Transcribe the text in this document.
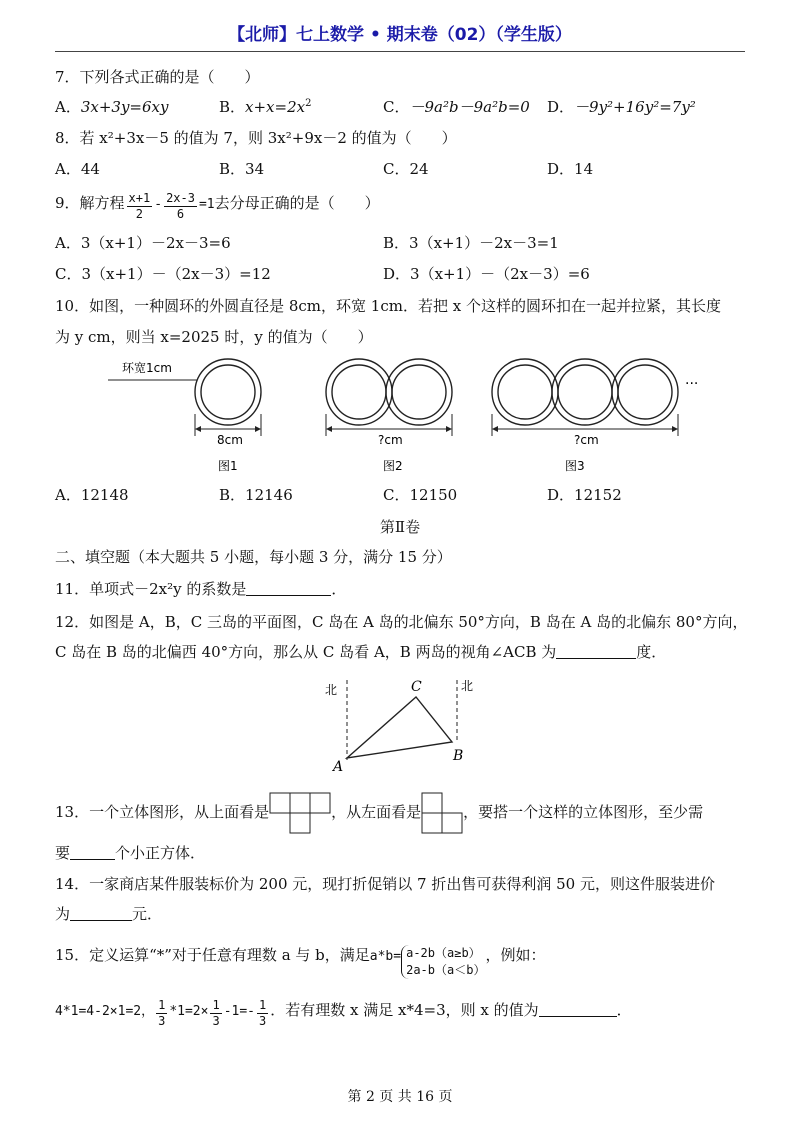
【北师】七上数学 • 期末卷（02）（学生版）
7．下列各式正确的是（　　）
A．3x+3y=6xy	B．$x+x=2x^2$	C．－9a²b－9a²b=0 D．－9y²+16y²=7y²
8．若 x²+3x－5 的值为 7，则 3x²+9x－2 的值为（　　）
A．44	B．34	C．24	D．14
9．解方程 $\frac{x+1}{2} - \frac{2x-3}{6} =1$去分母正确的是（　　）
A．3（x+1）－2x－3=6	B．3（x+1）－2x－3=1
C．3（x+1）－（2x－3）=12	D．3（x+1）－（2x－3）=6
10．如图，一种圆环的外圆直径是 8cm，环宽 1cm．若把 x 个这样的圆环扣在一起并拉紧，其长度
为 y cm，则当 x=2025 时，y 的值为（　　）
环宽1cm
8cm	?cm
···
?cm
图1	图2	图3
A．12148	B．12146	C．12150	D．12152
第Ⅱ卷
二、填空题（本大题共 5 小题，每小题 3 分，满分 15 分）
11．单项式－2x²y 的系数是	．
12．如图是 A，B，C 三岛的平面图，C 岛在 A 岛的北偏东 50°方向，B 岛在 A 岛的北偏东 80°方向，
C 岛在 B 岛的北偏西 40°方向，那么从 C 岛看 A，B 两岛的视角∠ACB 为	度．
北	北
A
B
C
13．一个立体图形，从上面看是	，从左面看是	，要搭一个这样的立体图形，至少需
要	个小正方体．
14．一家商店某件服装标价为 200 元，现打折促销以 7 折出售可获得利润 50 元，则这件服装进价
为	元．
15．定义运算“*”对于任意有理数 a 与 b，满足a*b= a-2b（a≥b）
2a-b（a＜b）
，例如：
4*1=4-2×1=2， $\frac{1}{3} *1=2\times \frac{1}{3} -1=- \frac{1}{3}$ ．若有理数 x 满足 x*4=3，则 x 的值为	．
第 2 页 共 16 页
